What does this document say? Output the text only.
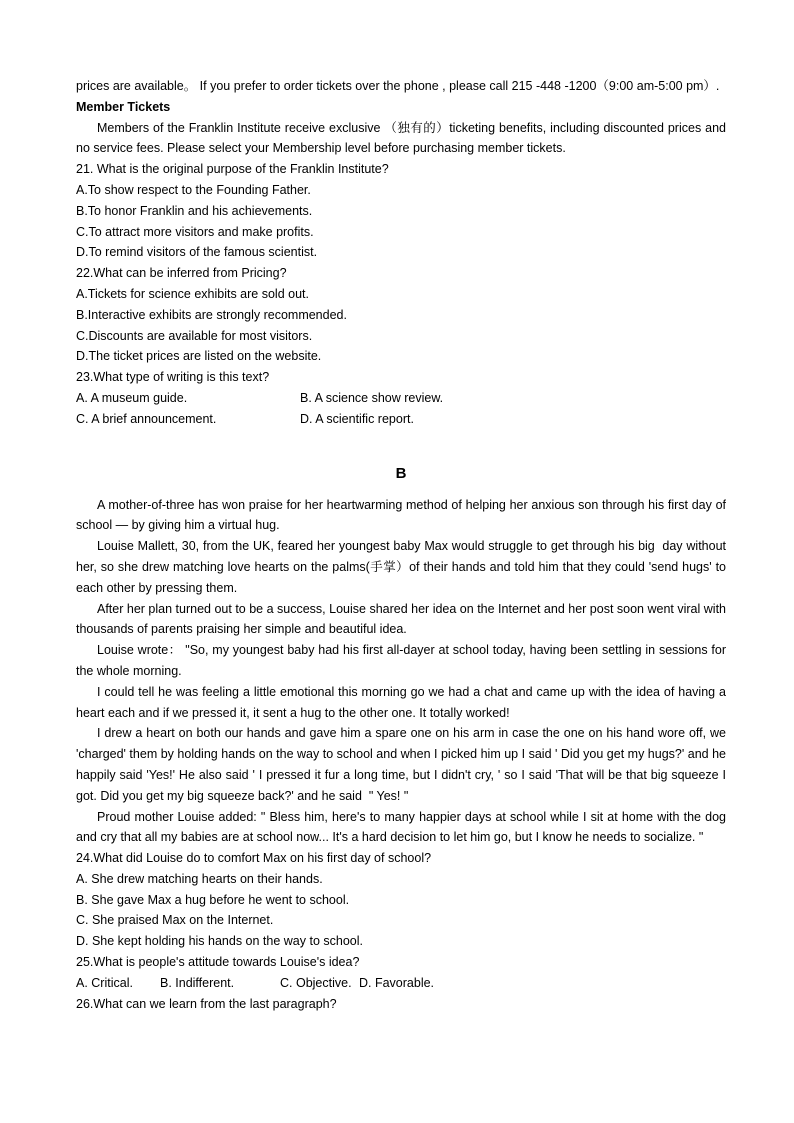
prices are available。 If you prefer to order tickets over the phone , please call 215 -448 -1200（9:00 am-5:00 pm）.
Member Tickets
Members of the Franklin Institute receive exclusive （独有的）ticketing benefits, including discounted prices and no service fees. Please select your Membership level before purchasing member tickets.
21. What is the original purpose of the Franklin Institute?
A.To show respect to the Founding Father.
B.To honor Franklin and his achievements.
C.To attract more visitors and make profits.
D.To remind visitors of the famous scientist.
22.What can be inferred from Pricing?
A.Tickets for science exhibits are sold out.
B.Interactive exhibits are strongly recommended.
C.Discounts are available for most visitors.
D.The ticket prices are listed on the website.
23.What type of writing is this text?
A. A museum guide.	B. A science show review.
C. A brief announcement.	D. A scientific report.
B
A mother-of-three has won praise for her heartwarming method of helping her anxious son through his first day of school — by giving him a virtual hug.
Louise Mallett, 30, from the UK, feared her youngest baby Max would struggle to get through his big  day without her, so she drew matching love hearts on the palms(手掌）of their hands and told him that they could 'send hugs' to each other by pressing them.
After her plan turned out to be a success, Louise shared her idea on the Internet and her post soon went viral with thousands of parents praising her simple and beautiful idea.
Louise wrote： "So, my youngest baby had his first all-dayer at school today, having been settling in sessions for the whole morning.
I could tell he was feeling a little emotional this morning go we had a chat and came up with the idea of having a heart each and if we pressed it, it sent a hug to the other one. It totally worked!
I drew a heart on both our hands and gave him a spare one on his arm in case the one on his hand wore off, we 'charged' them by holding hands on the way to school and when I picked him up I said ' Did you get my hugs?' and he happily said 'Yes!' He also said ' I pressed it fur a long time, but I didn't cry, ' so I said 'That will be that big squeeze I got. Did you get my big squeeze back?' and he said  " Yes! "
Proud mother Louise added: " Bless him, here's to many happier days at school while I sit at home with the dog and cry that all my babies are at school now... It's a hard decision to let him go, but I know he needs to socialize. "
24.What did Louise do to comfort Max on his first day of school?
A. She drew matching hearts on their hands.
B. She gave Max a hug before he went to school.
C. She praised Max on the Internet.
D. She kept holding his hands on the way to school.
25.What is people's attitude towards Louise's idea?
A. Critical. B. Indifferent.	C. Objective. D. Favorable.
26.What can we learn from the last paragraph?
